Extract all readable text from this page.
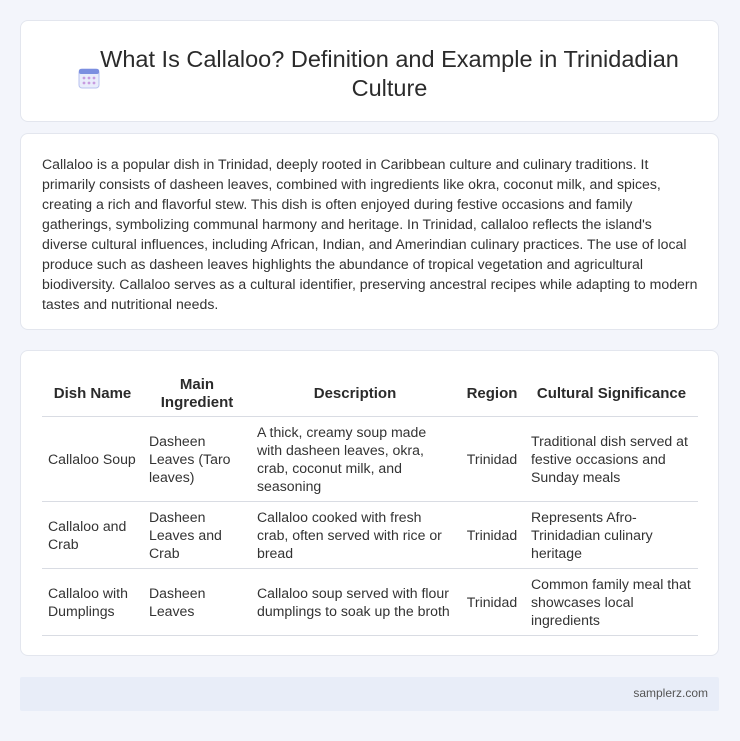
What Is Callaloo? Definition and Example in Trinidadian Culture

Callaloo is a popular dish in Trinidad, deeply rooted in Caribbean culture and culinary traditions. It primarily consists of dasheen leaves, combined with ingredients like okra, coconut milk, and spices, creating a rich and flavorful stew. This dish is often enjoyed during festive occasions and family gatherings, symbolizing communal harmony and heritage. In Trinidad, callaloo reflects the island's diverse cultural influences, including African, Indian, and Amerindian culinary practices. The use of local produce such as dasheen leaves highlights the abundance of tropical vegetation and agricultural biodiversity. Callaloo serves as a cultural identifier, preserving ancestral recipes while adapting to modern tastes and nutritional needs.

Dish Name	Main Ingredient	Description	Region	Cultural Significance
Callaloo Soup	Dasheen Leaves (Taro leaves)	A thick, creamy soup made with dasheen leaves, okra, crab, coconut milk, and seasoning	Trinidad	Traditional dish served at festive occasions and Sunday meals
Callaloo and Crab	Dasheen Leaves and Crab	Callaloo cooked with fresh crab, often served with rice or bread	Trinidad	Represents Afro-Trinidadian culinary heritage
Callaloo with Dumplings	Dasheen Leaves	Callaloo soup served with flour dumplings to soak up the broth	Trinidad	Common family meal that showcases local ingredients
samplerz.com
